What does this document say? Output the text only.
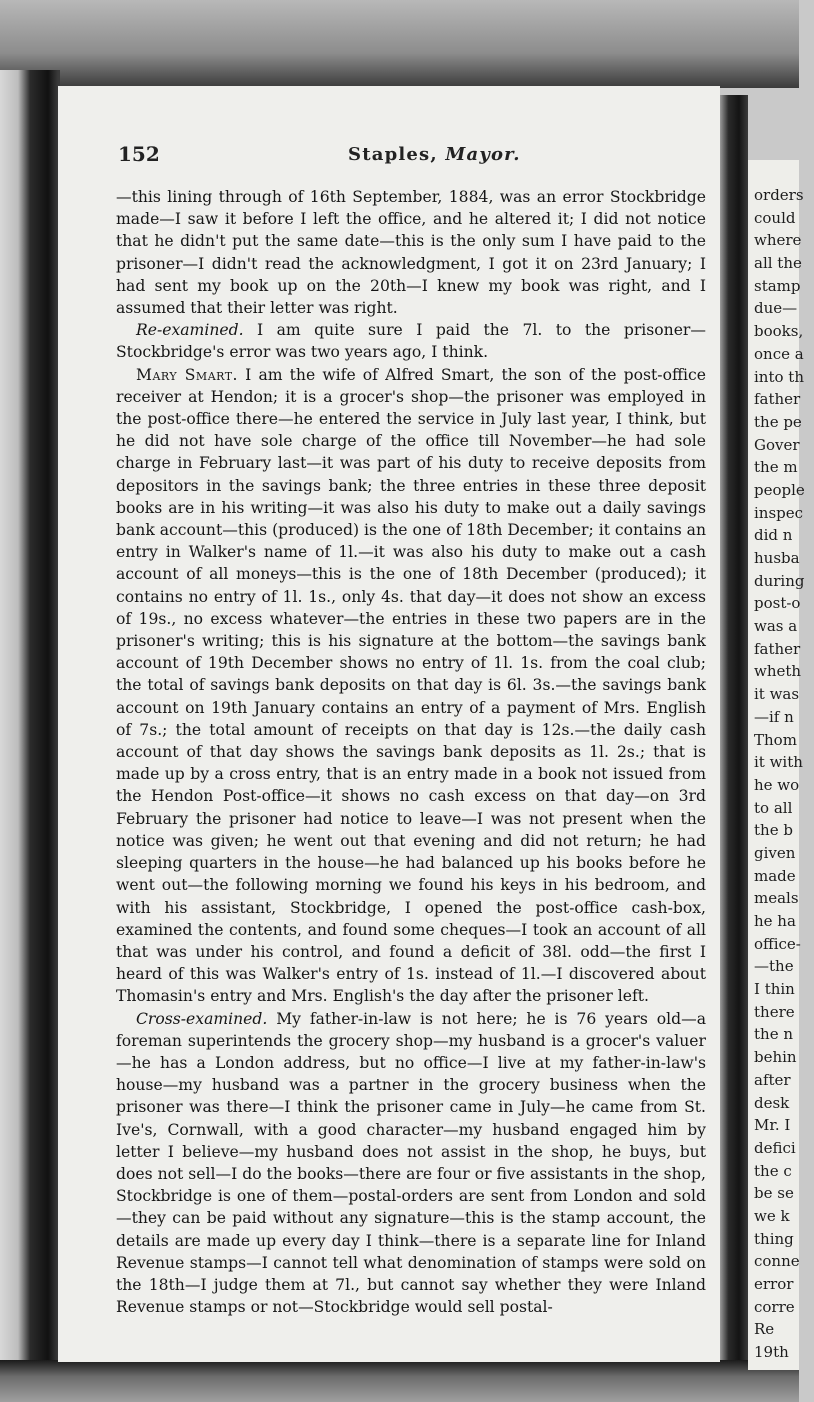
152	Staples, Mayor.

—this lining through of 16th September, 1884, was an error Stockbridge made—I saw it before I left the office, and he altered it; I did not notice that he didn't put the same date—this is the only sum I have paid to the prisoner—I didn't read the acknowledgment, I got it on 23rd January; I had sent my book up on the 20th—I knew my book was right, and I assumed that their letter was right.

Re-examined. I am quite sure I paid the 7l. to the prisoner—Stockbridge's error was two years ago, I think.

Mary Smart. I am the wife of Alfred Smart, the son of the post-office receiver at Hendon; it is a grocer's shop—the prisoner was employed in the post-office there—he entered the service in July last year, I think, but he did not have sole charge of the office till November—he had sole charge in February last—it was part of his duty to receive deposits from depositors in the savings bank; the three entries in these three deposit books are in his writing—it was also his duty to make out a daily savings bank account—this (produced) is the one of 18th December; it contains an entry in Walker's name of 1l.—it was also his duty to make out a cash account of all moneys—this is the one of 18th December (produced); it contains no entry of 1l. 1s., only 4s. that day—it does not show an excess of 19s., no excess whatever—the entries in these two papers are in the prisoner's writing; this is his signature at the bottom—the savings bank account of 19th December shows no entry of 1l. 1s. from the coal club; the total of savings bank deposits on that day is 6l. 3s.—the savings bank account on 19th January contains an entry of a payment of Mrs. English of 7s.; the total amount of receipts on that day is 12s.—the daily cash account of that day shows the savings bank deposits as 1l. 2s.; that is made up by a cross entry, that is an entry made in a book not issued from the Hendon Post-office—it shows no cash excess on that day—on 3rd February the prisoner had notice to leave—I was not present when the notice was given; he went out that evening and did not return; he had sleeping quarters in the house—he had balanced up his books before he went out—the following morning we found his keys in his bedroom, and with his assistant, Stockbridge, I opened the post-office cash-box, examined the contents, and found some cheques—I took an account of all that was under his control, and found a deficit of 38l. odd—the first I heard of this was Walker's entry of 1s. instead of 1l.—I discovered about Thomasin's entry and Mrs. English's the day after the prisoner left.

Cross-examined. My father-in-law is not here; he is 76 years old—a foreman superintends the grocery shop—my husband is a grocer's valuer—he has a London address, but no office—I live at my father-in-law's house—my husband was a partner in the grocery business when the prisoner was there—I think the prisoner came in July—he came from St. Ive's, Cornwall, with a good character—my husband engaged him by letter I believe—my husband does not assist in the shop, he buys, but does not sell—I do the books—there are four or five assistants in the shop, Stockbridge is one of them—postal-orders are sent from London and sold—they can be paid without any signature—this is the stamp account, the details are made up every day I think—there is a separate line for Inland Revenue stamps—I cannot tell what denomination of stamps were sold on the 18th—I judge them at 7l., but cannot say whether they were Inland Revenue stamps or not—Stockbridge would sell postal-

orders
could
where
all the
stamp
due—
books,
once a
into th
father
the pe
Gover
the m
people
inspec
did n
husba
during
post-o
was a
father
wheth
it was
—if n
Thom
it with
he wo
to all
the b
given
made
meals
he ha
office-
—the
I thin
there
the n
behin
after
desk
Mr. I
defici
the c
be se
we k
thing
conne
error
corre
Re
19th
